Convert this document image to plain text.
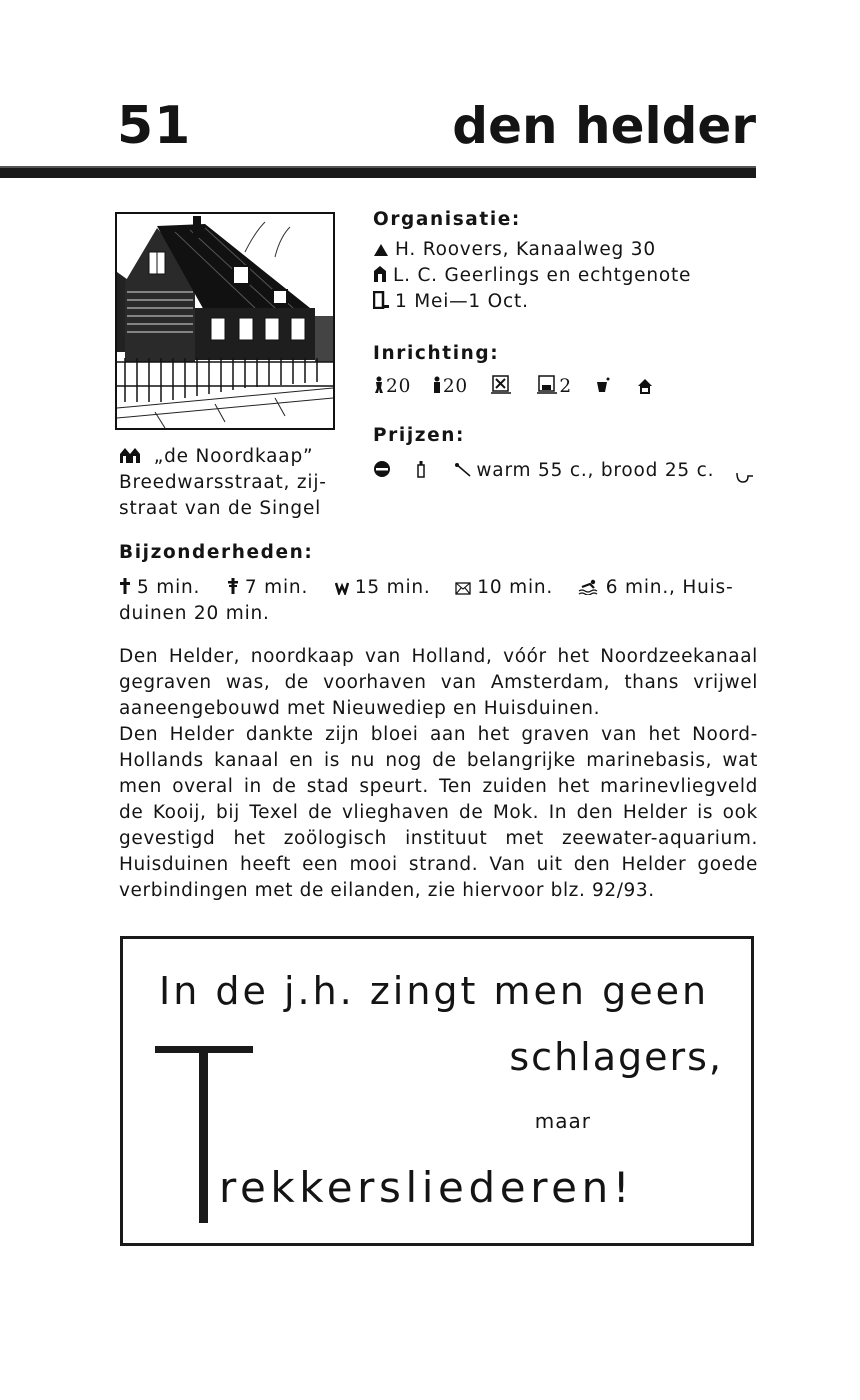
51	den helder
„de Noordkaap”
Breedwarsstraat, zij-
straat van de Singel
Organisatie:
H. Roovers, Kanaalweg 30
L. C. Geerlings en echtgenote
1 Mei—1 Oct.
Inrichting:
20 20	2
Prijzen:
warm 55 c., brood 25 c.
Bijzonderheden:
5 min. 7 min.	15 min.	10 min.	6 min., Huis-
duinen 20 min.
Den Helder, noordkaap van Holland, vóór het Noordzeekanaal
gegraven was, de voorhaven van Amsterdam, thans vrijwel
aaneengebouwd met Nieuwediep en Huisduinen.
Den Helder dankte zijn bloei aan het graven van het Noord-
Hollands kanaal en is nu nog de belangrijke marinebasis, wat
men overal in de stad speurt. Ten zuiden het marinevliegveld
de Kooij, bij Texel de vlieghaven de Mok. In den Helder is ook
gevestigd het zoölogisch instituut met zeewater-aquarium.
Huisduinen heeft een mooi strand. Van uit den Helder goede
verbindingen met de eilanden, zie hiervoor blz. 92/93.
In de j.h. zingt men geen
schlagers,
maar
rekkersliederen!
